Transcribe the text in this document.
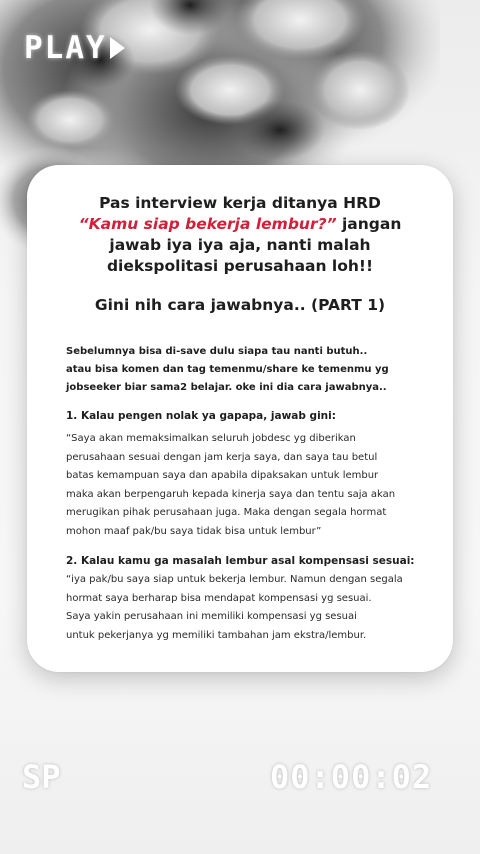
PLAY
Pas interview kerja ditanya HRD
“Kamu siap bekerja lembur?” jangan
jawab iya iya aja, nanti malah
diekspolitasi perusahaan loh!!
Gini nih cara jawabnya.. (PART 1)
Sebelumnya bisa di-save dulu siapa tau nanti butuh..
atau bisa komen dan tag temenmu/share ke temenmu yg
jobseeker biar sama2 belajar. oke ini dia cara jawabnya..
1. Kalau pengen nolak ya gapapa, jawab gini:
“Saya akan memaksimalkan seluruh jobdesc yg diberikan
perusahaan sesuai dengan jam kerja saya, dan saya tau betul
batas kemampuan saya dan apabila dipaksakan untuk lembur
maka akan berpengaruh kepada kinerja saya dan tentu saja akan
merugikan pihak perusahaan juga. Maka dengan segala hormat
mohon maaf pak/bu saya tidak bisa untuk lembur”
2. Kalau kamu ga masalah lembur asal kompensasi sesuai:
“iya pak/bu saya siap untuk bekerja lembur. Namun dengan segala
hormat saya berharap bisa mendapat kompensasi yg sesuai.
Saya yakin perusahaan ini memiliki kompensasi yg sesuai
untuk pekerjanya yg memiliki tambahan jam ekstra/lembur.
SP	00:00:02
